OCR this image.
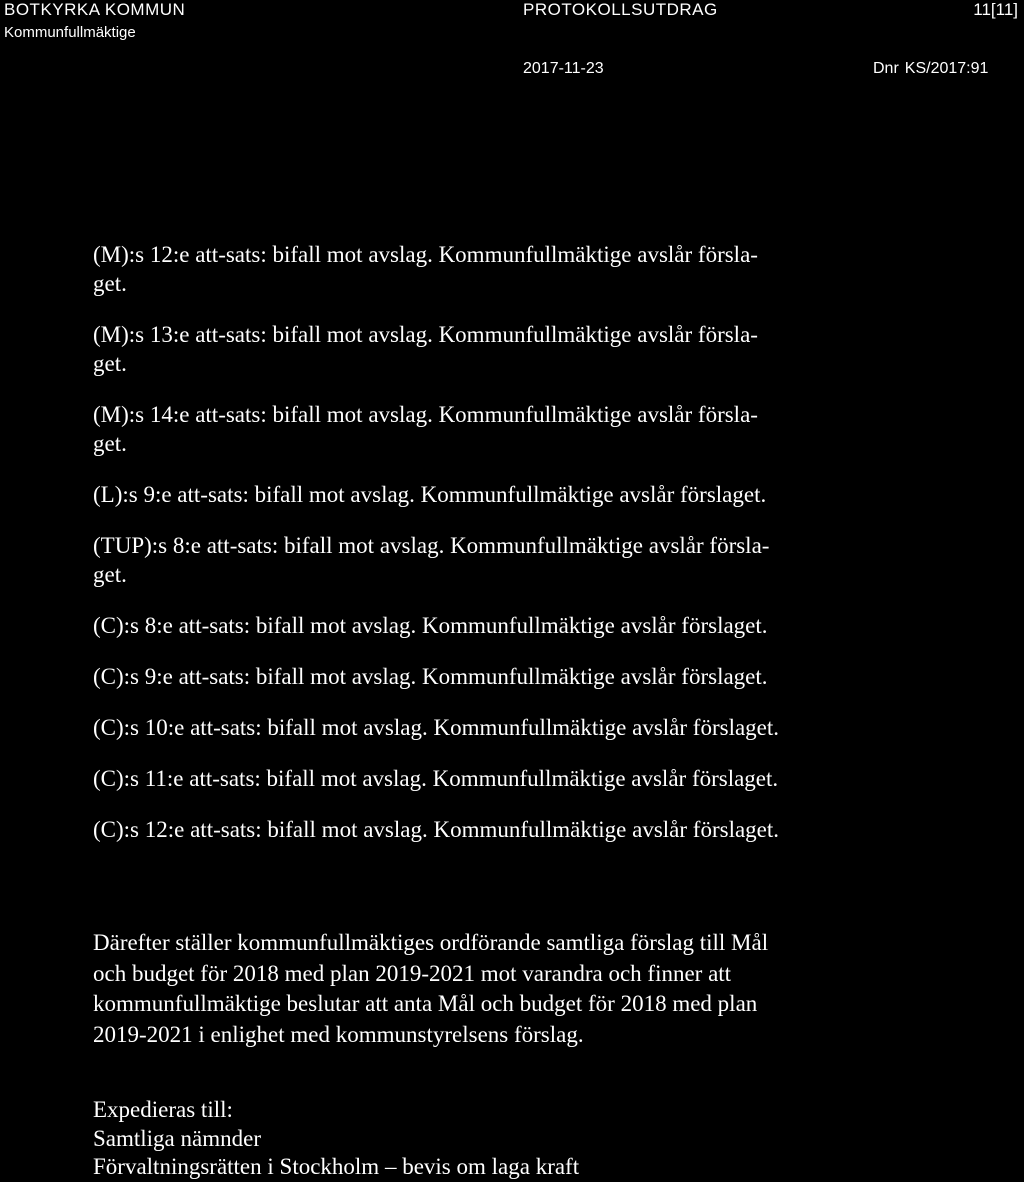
BOTKYRKA KOMMUN
Kommunfullmäktige
PROTOKOLLSUTDRAG	11[11]
2017-11-23	Dnr KS/2017:91
(M):s 12:e att-sats: bifall mot avslag. Kommunfullmäktige avslår försla-
get.
(M):s 13:e att-sats: bifall mot avslag. Kommunfullmäktige avslår försla-
get.
(M):s 14:e att-sats: bifall mot avslag. Kommunfullmäktige avslår försla-
get.
(L):s 9:e att-sats: bifall mot avslag. Kommunfullmäktige avslår förslaget.
(TUP):s 8:e att-sats: bifall mot avslag. Kommunfullmäktige avslår försla-
get.
(C):s 8:e att-sats: bifall mot avslag. Kommunfullmäktige avslår förslaget.
(C):s 9:e att-sats: bifall mot avslag. Kommunfullmäktige avslår förslaget.
(C):s 10:e att-sats: bifall mot avslag. Kommunfullmäktige avslår förslaget.
(C):s 11:e att-sats: bifall mot avslag. Kommunfullmäktige avslår förslaget.
(C):s 12:e att-sats: bifall mot avslag. Kommunfullmäktige avslår förslaget.

Därefter ställer kommunfullmäktiges ordförande samtliga förslag till Mål
och budget för 2018 med plan 2019-2021 mot varandra och finner att
kommunfullmäktige beslutar att anta Mål och budget för 2018 med plan
2019-2021 i enlighet med kommunstyrelsens förslag.

Expedieras till:
Samtliga nämnder
Förvaltningsrätten i Stockholm – bevis om laga kraft
